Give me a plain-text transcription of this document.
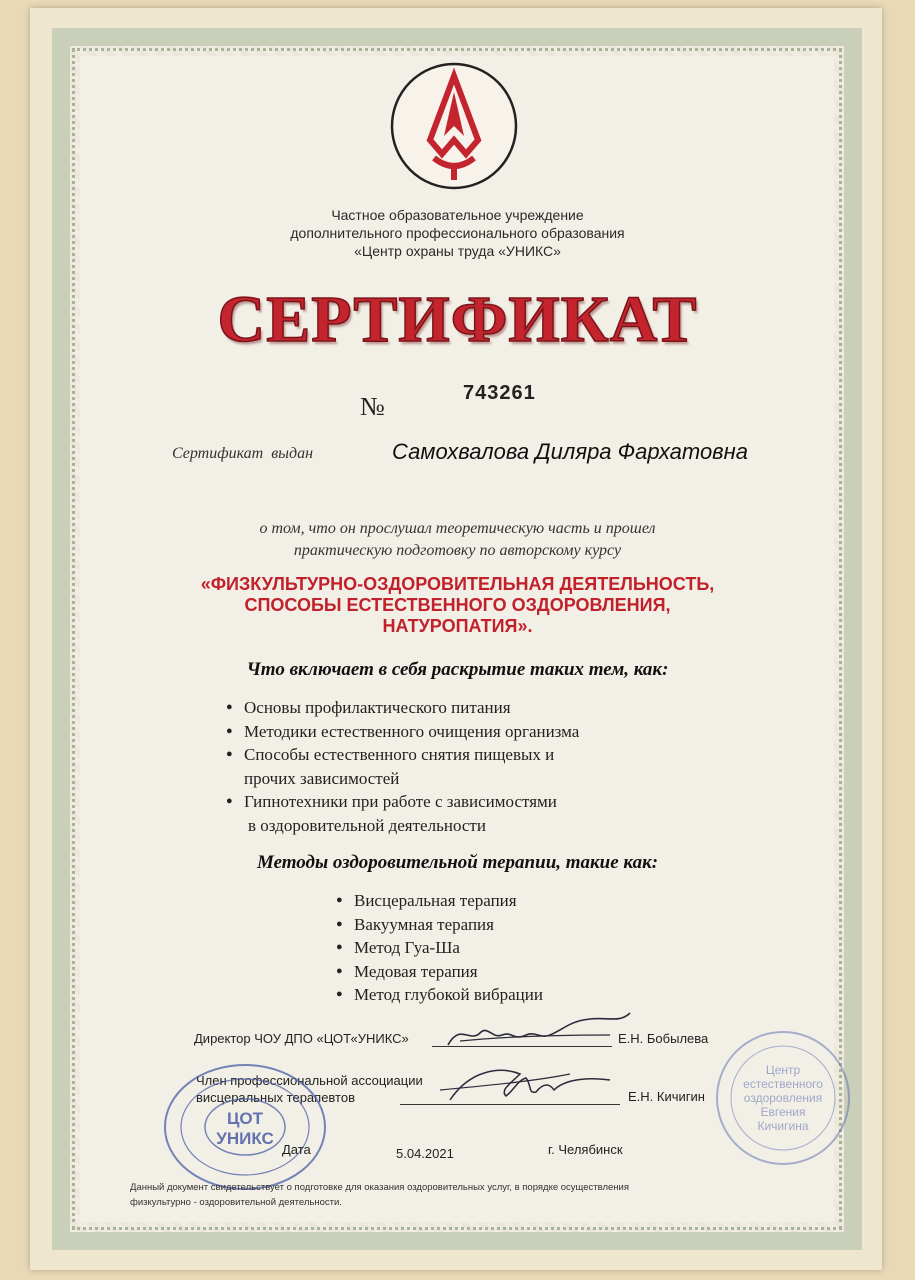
Частное образовательное учреждение
дополнительного профессионального образования
«Центр охраны труда «УНИКС»
СЕРТИФИКАТ
№	743261
Сертификат выдан	Самохвалова Диляра Фархатовна
о том, что он прослушал теоретическую часть и прошел
практическую подготовку по авторскому курсу
«ФИЗКУЛЬТУРНО-ОЗДОРОВИТЕЛЬНАЯ ДЕЯТЕЛЬНОСТЬ,
СПОСОБЫ ЕСТЕСТВЕННОГО ОЗДОРОВЛЕНИЯ,
НАТУРОПАТИЯ».
Что включает в себя раскрытие таких тем, как:
● Основы профилактического питания
● Методики естественного очищения организма
● Способы естественного снятия пищевых и
прочих зависимостей
● Гипнотехники при работе с зависимостями
в оздоровительной деятельности
Методы оздоровительной терапии, такие как:
● Висцеральная терапия
● Вакуумная терапия
● Метод Гуа-Ша
● Медовая терапия
● Метод глубокой вибрации
Директор ЧОУ ДПО «ЦОТ«УНИКС»	Е.Н. Бобылева
Член профессиональной ассоциации
висцеральных терапевтов	Е.Н. Кичигин
ЦОТ
УНИКС
Центр
естественного
оздоровления
Евгения
Кичигина
Дата	5.04.2021	г. Челябинск
Данный документ свидетельствует о подготовке для оказания оздоровительных услуг, в порядке осуществления
физкультурно - оздоровительной деятельности.
